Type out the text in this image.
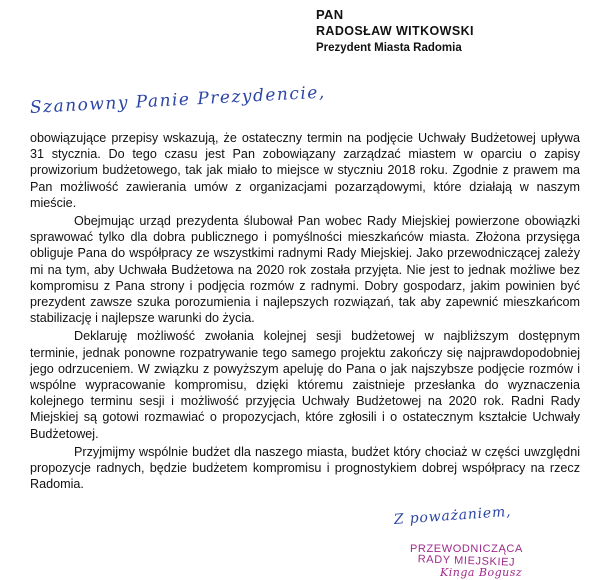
PAN
RADOSŁAW WITKOWSKI
Prezydent Miasta Radomia
Szanowny Panie Prezydencie,

obowiązujące przepisy wskazują, że ostateczny termin na podjęcie Uchwały Budżetowej upływa 31 stycznia. Do tego czasu jest Pan zobowiązany zarządzać miastem w oparciu o zapisy prowizorium budżetowego, tak jak miało to miejsce w styczniu 2018 roku. Zgodnie z prawem ma Pan możliwość zawierania umów z organizacjami pozarządowymi, które działają w naszym mieście.

Obejmując urząd prezydenta ślubował Pan wobec Rady Miejskiej powierzone obowiązki sprawować tylko dla dobra publicznego i pomyślności mieszkańców miasta. Złożona przysięga obliguje Pana do współpracy ze wszystkimi radnymi Rady Miejskiej. Jako przewodniczącej zależy mi na tym, aby Uchwała Budżetowa na 2020 rok została przyjęta. Nie jest to jednak możliwe bez kompromisu z Pana strony i podjęcia rozmów z radnymi. Dobry gospodarz, jakim powinien być prezydent zawsze szuka porozumienia i najlepszych rozwiązań, tak aby zapewnić mieszkańcom stabilizację i najlepsze warunki do życia.

Deklaruję możliwość zwołania kolejnej sesji budżetowej w najbliższym dostępnym terminie, jednak ponowne rozpatrywanie tego samego projektu zakończy się najprawdopodobniej jego odrzuceniem. W związku z powyższym apeluję do Pana o jak najszybsze podjęcie rozmów i wspólne wypracowanie kompromisu, dzięki któremu zaistnieje przesłanka do wyznaczenia kolejnego terminu sesji i możliwość przyjęcia Uchwały Budżetowej na 2020 rok. Radni Rady Miejskiej są gotowi rozmawiać o propozycjach, które zgłosili i o ostatecznym kształcie Uchwały Budżetowej.

Przyjmijmy wspólnie budżet dla naszego miasta, budżet który chociaż w części uwzględni propozycje radnych, będzie budżetem kompromisu i prognostykiem dobrej współpracy na rzecz Radomia.

Z poważaniem,
PRZEWODNICZĄCA
RADY MIEJSKIEJ
Kinga Bogusz
